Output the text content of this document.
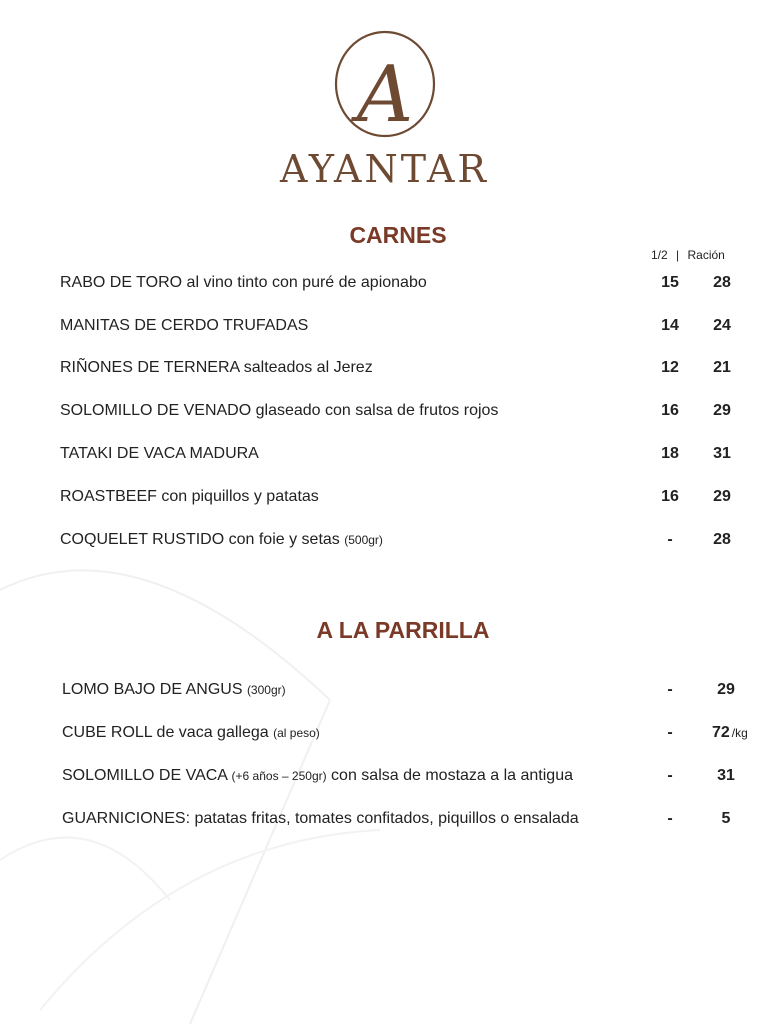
A
AYANTAR
CARNES
1/2 | Ración
RABO DE TORO al vino tinto con puré de apionabo	15	28
MANITAS DE CERDO TRUFADAS	14	24
RIÑONES DE TERNERA salteados al Jerez	12	21
SOLOMILLO DE VENADO glaseado con salsa de frutos rojos	16	29
TATAKI DE VACA MADURA	18	31
ROASTBEEF con piquillos y patatas	16	29
COQUELET RUSTIDO con foie y setas (500gr)	-	28
A LA PARRILLA
LOMO BAJO DE ANGUS (300gr)	-	29
CUBE ROLL de vaca gallega (al peso)	-	72 /kg
SOLOMILLO DE VACA (+6 años – 250gr) con salsa de mostaza a la antigua	-	31
GUARNICIONES: patatas fritas, tomates confitados, piquillos o ensalada	-	5
